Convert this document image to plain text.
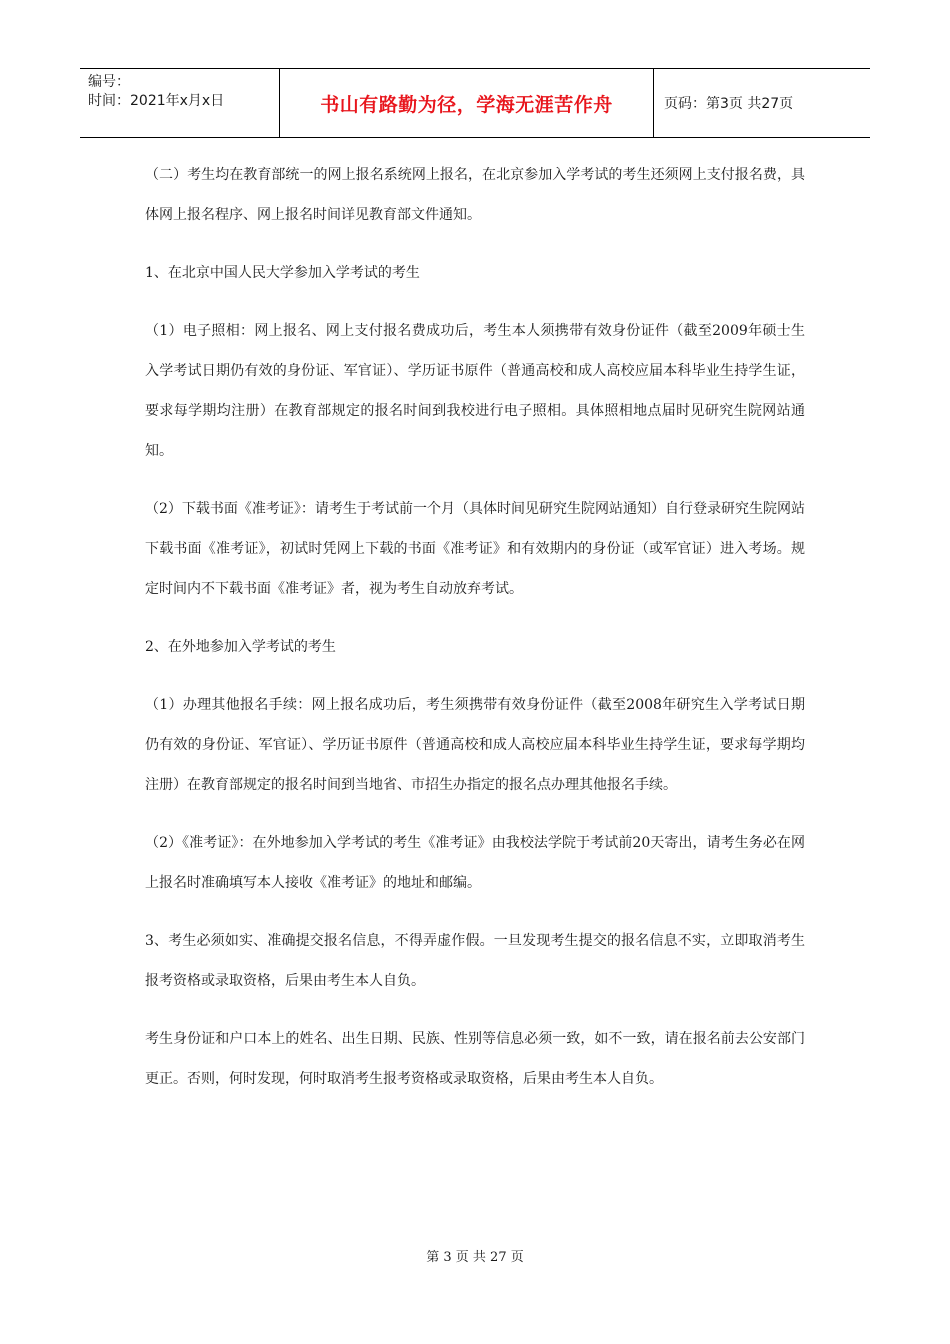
编号：
时间：2021年x月x日	书山有路勤为径，学海无涯苦作舟	页码：第3页 共27页

（二）考生均在教育部统一的网上报名系统网上报名，在北京参加入学考试的考生还须网上支付报名费，具体网上报名程序、网上报名时间详见教育部文件通知。

1、在北京中国人民大学参加入学考试的考生

（1）电子照相：网上报名、网上支付报名费成功后，考生本人须携带有效身份证件（截至2009年硕士生入学考试日期仍有效的身份证、军官证）、学历证书原件（普通高校和成人高校应届本科毕业生持学生证，要求每学期均注册）在教育部规定的报名时间到我校进行电子照相。具体照相地点届时见研究生院网站通知。

（2）下载书面《准考证》：请考生于考试前一个月（具体时间见研究生院网站通知）自行登录研究生院网站下载书面《准考证》，初试时凭网上下载的书面《准考证》和有效期内的身份证（或军官证）进入考场。规定时间内不下载书面《准考证》者，视为考生自动放弃考试。

2、在外地参加入学考试的考生

（1）办理其他报名手续：网上报名成功后，考生须携带有效身份证件（截至2008年研究生入学考试日期仍有效的身份证、军官证）、学历证书原件（普通高校和成人高校应届本科毕业生持学生证，要求每学期均注册）在教育部规定的报名时间到当地省、市招生办指定的报名点办理其他报名手续。

（2）《准考证》：在外地参加入学考试的考生《准考证》由我校法学院于考试前20天寄出，请考生务必在网上报名时准确填写本人接收《准考证》的地址和邮编。

3、考生必须如实、准确提交报名信息，不得弄虚作假。一旦发现考生提交的报名信息不实，立即取消考生报考资格或录取资格，后果由考生本人自负。

考生身份证和户口本上的姓名、出生日期、民族、性别等信息必须一致，如不一致，请在报名前去公安部门更正。否则，何时发现，何时取消考生报考资格或录取资格，后果由考生本人自负。

第 3 页 共 27 页
